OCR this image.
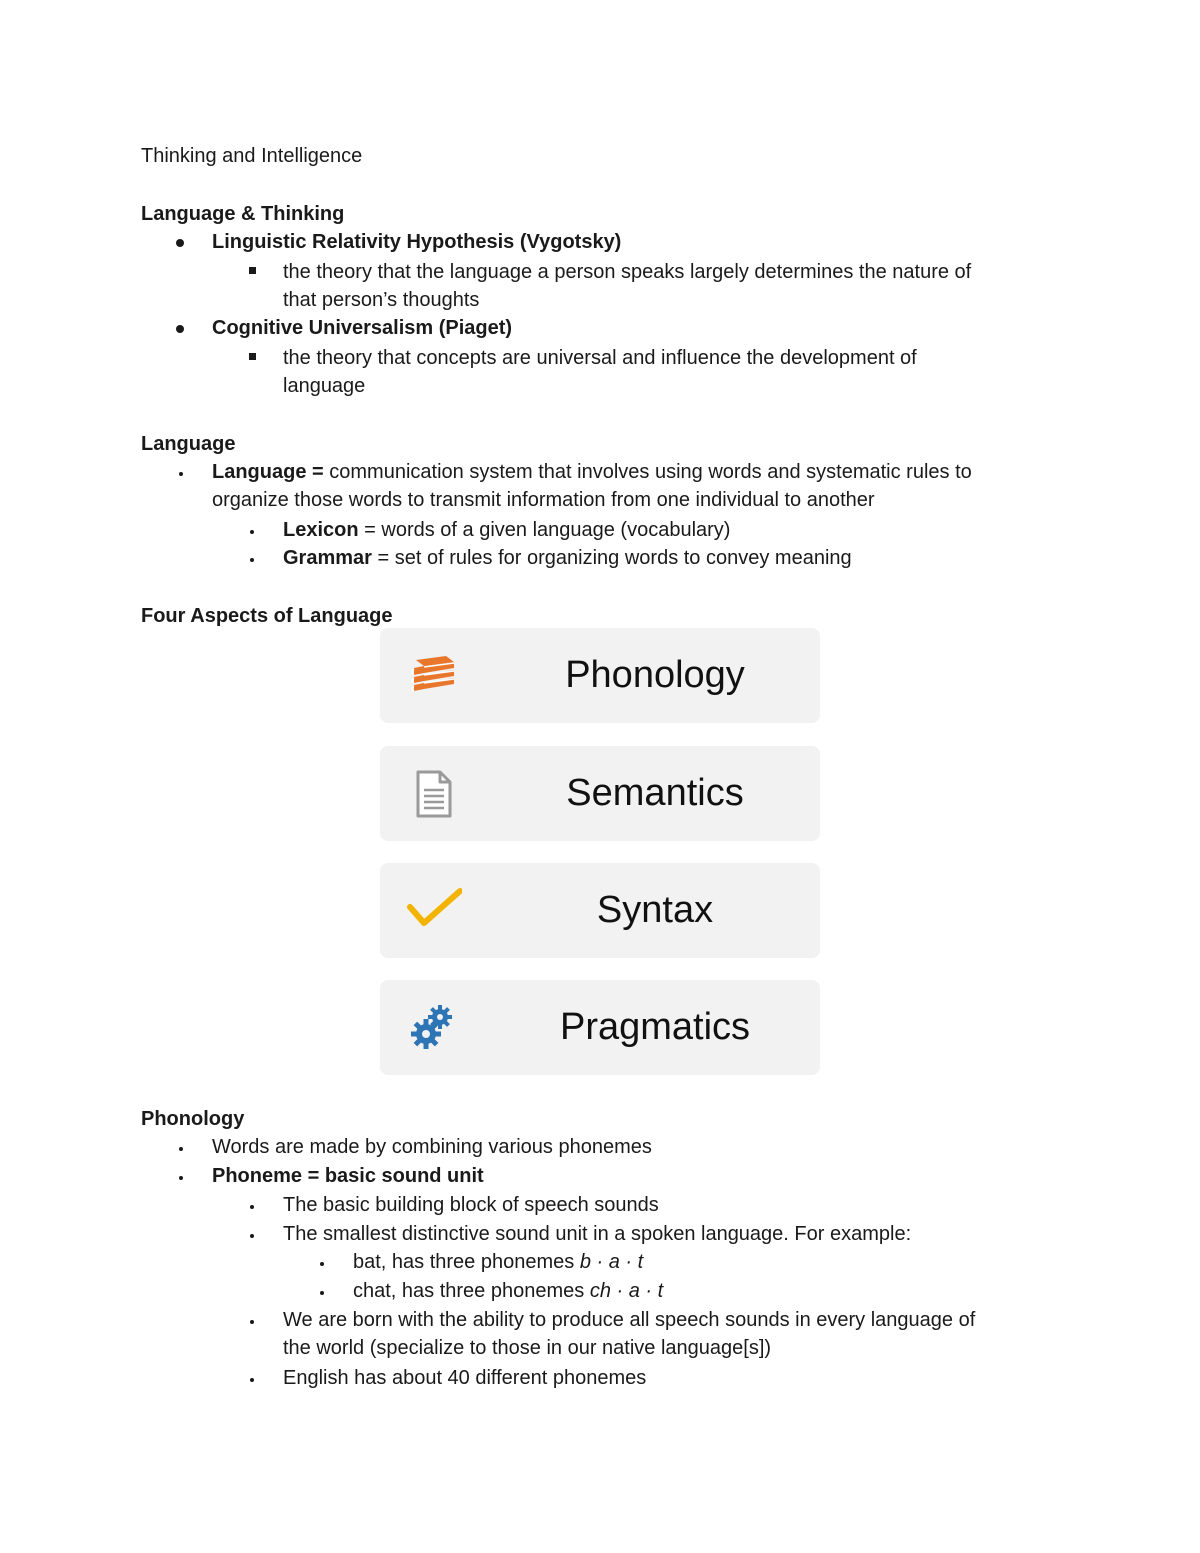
Thinking and Intelligence
Language & Thinking
Linguistic Relativity Hypothesis (Vygotsky)
the theory that the language a person speaks largely determines the nature of
that person’s thoughts
Cognitive Universalism (Piaget)
the theory that concepts are universal and influence the development of
language
Language
Language = communication system that involves using words and systematic rules to
organize those words to transmit information from one individual to another
Lexicon = words of a given language (vocabulary)
Grammar = set of rules for organizing words to convey meaning
Four Aspects of Language
Phonology
Semantics
Syntax
Pragmatics
Phonology
Words are made by combining various phonemes
Phoneme = basic sound unit
The basic building block of speech sounds
The smallest distinctive sound unit in a spoken language. For example:
bat, has three phonemes b · a · t
chat, has three phonemes ch · a · t
We are born with the ability to produce all speech sounds in every language of
the world (specialize to those in our native language[s])
English has about 40 different phonemes
